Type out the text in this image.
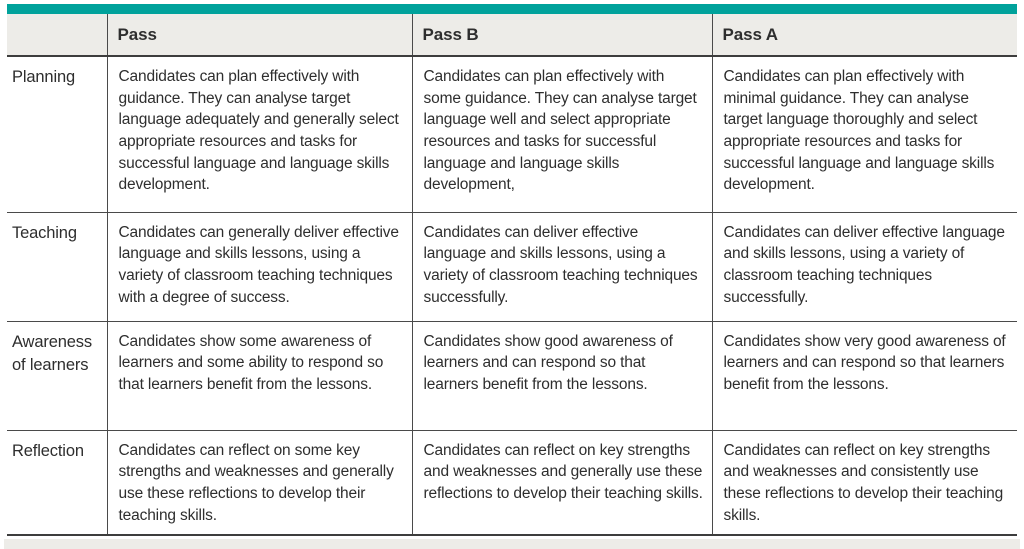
	Pass	Pass B	Pass A
Planning	Candidates can plan effectively with guidance. They can analyse target language adequately and generally select appropriate resources and tasks for successful language and language skills development.	Candidates can plan effectively with some guidance. They can analyse target language well and select appropriate resources and tasks for successful language and language skills development,	Candidates can plan effectively with minimal guidance. They can analyse target language thoroughly and select appropriate resources and tasks for successful language and language skills development.
Teaching	Candidates can generally deliver effective language and skills lessons, using a variety of classroom teaching techniques with a degree of success.	Candidates can deliver effective language and skills lessons, using a variety of classroom teaching techniques successfully.	Candidates can deliver effective language and skills lessons, using a variety of classroom teaching techniques successfully.
Awareness of learners	Candidates show some awareness of learners and some ability to respond so that learners benefit from the lessons.	Candidates show good awareness of learners and can respond so that learners benefit from the lessons.	Candidates show very good awareness of learners and can respond so that learners benefit from the lessons.
Reflection	Candidates can reflect on some key strengths and weaknesses and generally use these reflections to develop their teaching skills.	Candidates can reflect on key strengths and weaknesses and generally use these reflections to develop their teaching skills.	Candidates can reflect on key strengths and weaknesses and consistently use these reflections to develop their teaching skills.
